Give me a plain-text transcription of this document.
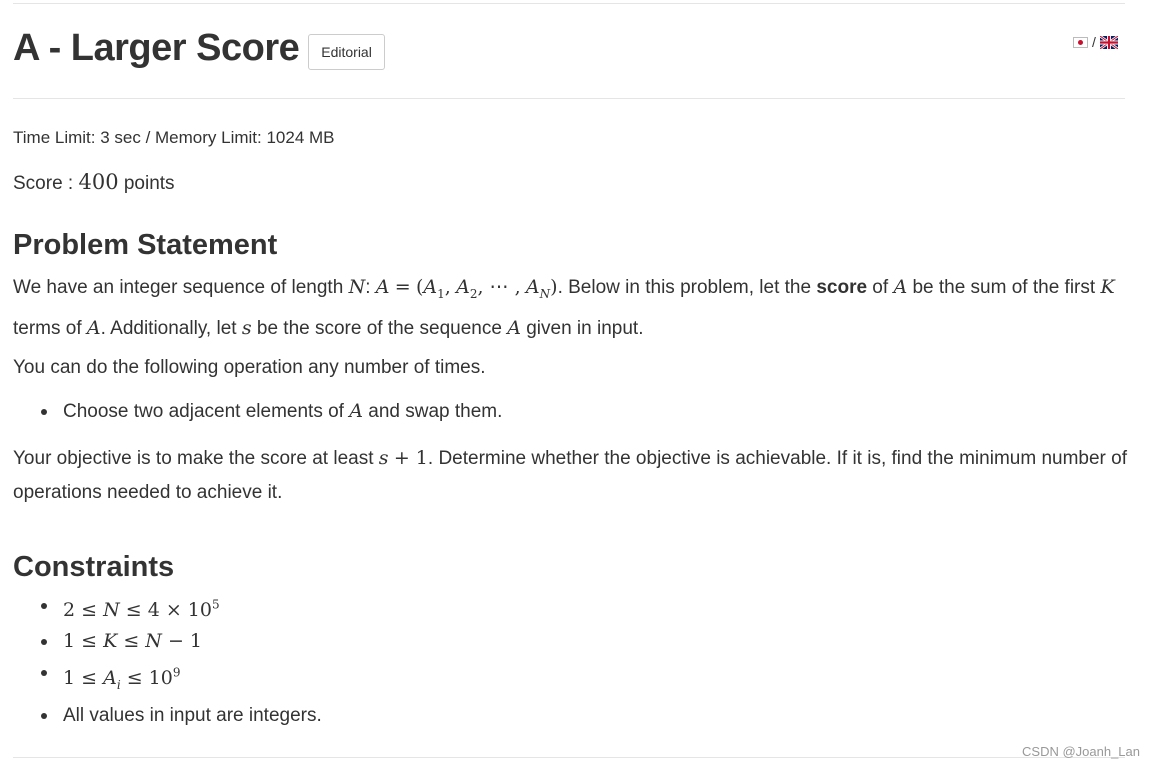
A - Larger Score	Editorial
/
Time Limit: 3 sec / Memory Limit: 1024 MB
Score : 400 points
Problem Statement
We have an integer sequence of length N: $A = (A_1$, $A_2$, ⋯ , $A_N$). Below in this problem, let the score of A be the sum of the first K terms of A. Additionally, let s be the score of the sequence A given in input.
You can do the following operation any number of times.
Choose two adjacent elements of A and swap them.
Your objective is to make the score at least s + 1. Determine whether the objective is achievable. If it is, find the minimum number of operations needed to achieve it.
Constraints
$2 \le N \le 4 \times 10^5$
1 ≤ K ≤ N − 1
$1 \le A_i \le 10^9$
All values in input are integers.
CSDN @Joanh_Lan
